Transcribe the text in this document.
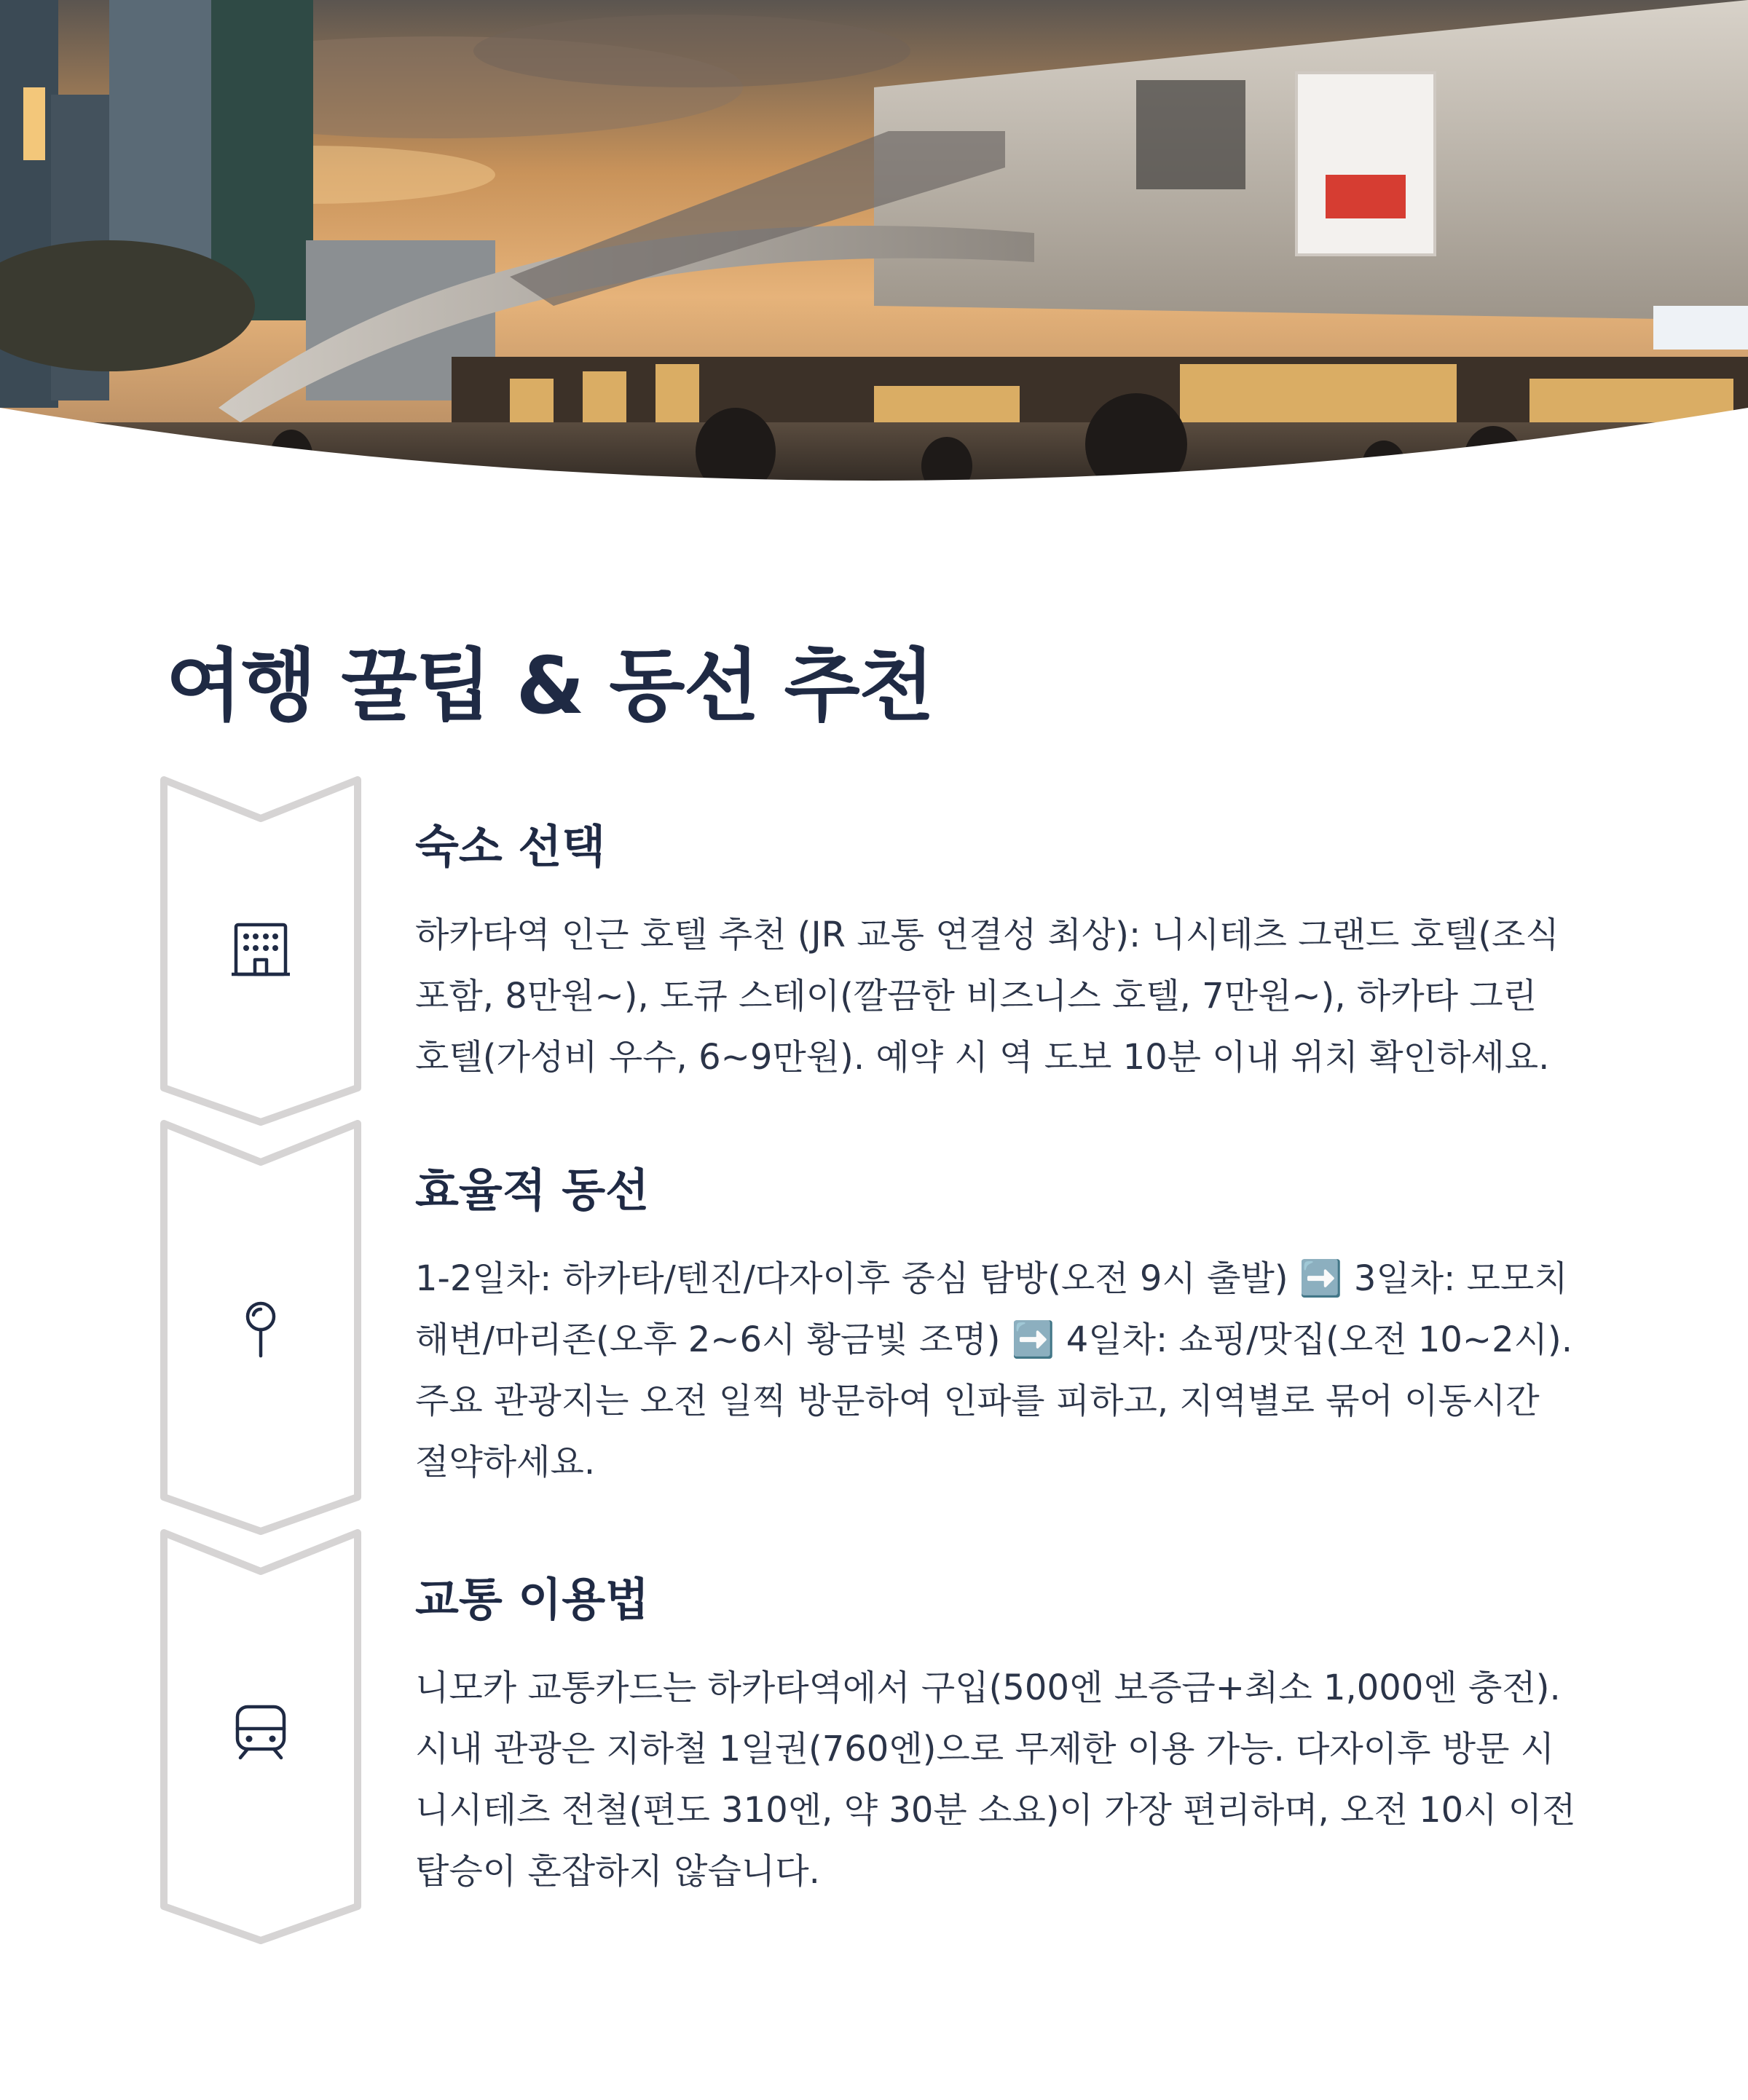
여행 꿀팁 & 동선 추천
숙소 선택

하카타역 인근 호텔 추천 (JR 교통 연결성 최상): 니시테츠 그랜드 호텔(조식 포함, 8만원~), 도큐 스테이(깔끔한 비즈니스 호텔, 7만원~), 하카타 그린 호텔(가성비 우수, 6~9만원). 예약 시 역 도보 10분 이내 위치 확인하세요.

효율적 동선

1-2일차: 하카타/텐진/다자이후 중심 탐방(오전 9시 출발) ➡️ 3일차: 모모치 해변/마리존(오후 2~6시 황금빛 조명) ➡️ 4일차: 쇼핑/맛집(오전 10~2시). 주요 관광지는 오전 일찍 방문하여 인파를 피하고, 지역별로 묶어 이동시간 절약하세요.

교통 이용법

니모카 교통카드는 하카타역에서 구입(500엔 보증금+최소 1,000엔 충전). 시내 관광은 지하철 1일권(760엔)으로 무제한 이용 가능. 다자이후 방문 시 니시테츠 전철(편도 310엔, 약 30분 소요)이 가장 편리하며, 오전 10시 이전 탑승이 혼잡하지 않습니다.
